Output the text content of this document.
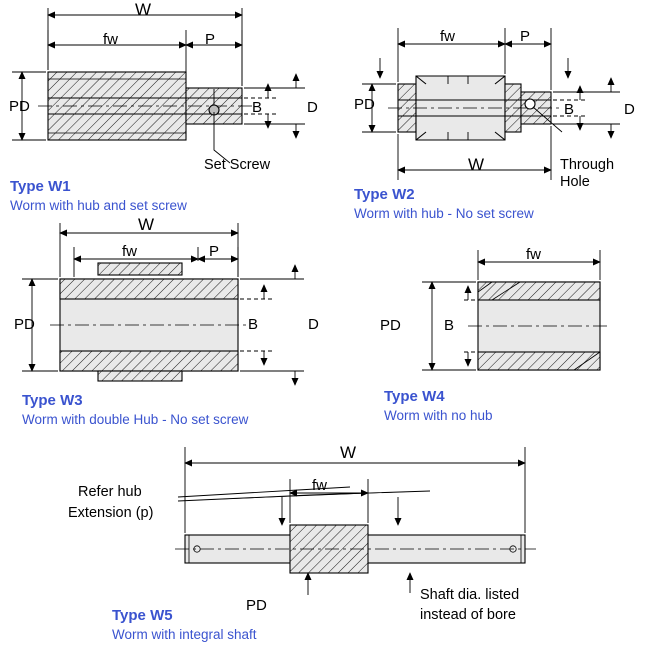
W
fw	P
PD	B	D
Set Screw
Type W1
Worm with hub and set screw
fw	P
PD	B	D
W	Through
Hole
Type W2
Worm with hub - No set screw
W
fw	P
PD	B	D
Type W3
Worm with double Hub - No set screw
fw
PD	B
Type W4
Worm with no hub
W
fw
Refer hub
Extension (p)
PD
Shaft dia. listed
instead of bore
Type W5
Worm with integral shaft
